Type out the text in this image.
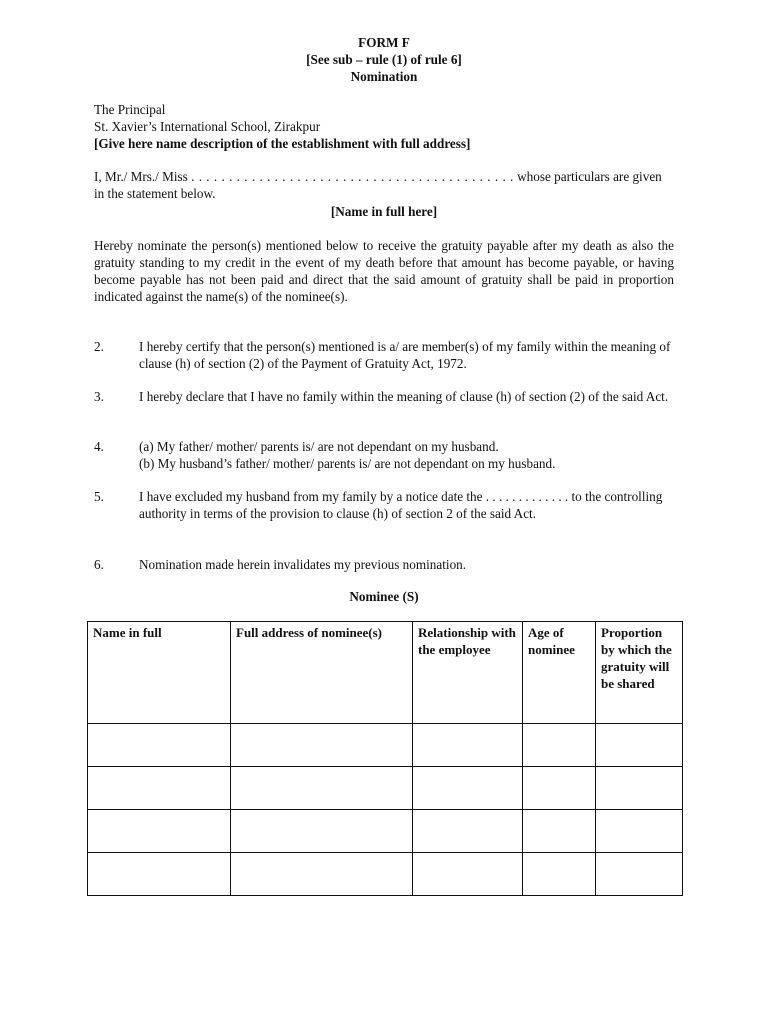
FORM F
[See sub – rule (1) of rule 6]
Nomination
The Principal
St. Xavier’s International School, Zirakpur
[Give here name description of the establishment with full address]
I, Mr./ Mrs./ Miss . . . . . . . . . . . . . . . . . . . . . . . . . . . . . . . . . . . . . . . . . . . whose particulars are given in the statement below.
[Name in full here]
Hereby nominate the person(s) mentioned below to receive the gratuity payable after my death as also the gratuity standing to my credit in the event of my death before that amount has become payable, or having become payable has not been paid and direct that the said amount of gratuity shall be paid in proportion indicated against the name(s) of the nominee(s).
2.	I hereby certify that the person(s) mentioned is a/ are member(s) of my family within the meaning of clause (h) of section (2) of the Payment of Gratuity Act, 1972.
3.	I hereby declare that I have no family within the meaning of clause (h) of section (2) of the said Act.
4.	(a) My father/ mother/ parents is/ are not dependant on my husband.
(b) My husband’s father/ mother/ parents is/ are not dependant on my husband.
5.	I have excluded my husband from my family by a notice date the . . . . . . . . . . . . . to the controlling authority in terms of the provision to clause (h) of section 2 of the said Act.
6.	Nomination made herein invalidates my previous nomination.
Nominee (S)
Name in full	Full address of nominee(s)	Relationship with the employee	Age of nominee	Proportion by which the gratuity will be shared
